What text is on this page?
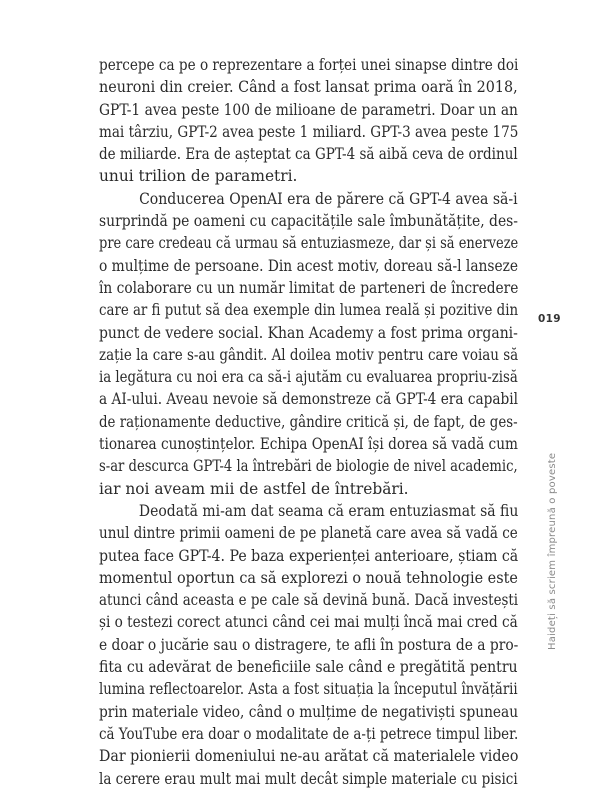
percepe ca pe o reprezentare a forței unei sinapse dintre doi
neuroni din creier. Când a fost lansat prima oară în 2018,
GPT-1 avea peste 100 de milioane de parametri. Doar un an
mai târziu, GPT-2 avea peste 1 miliard. GPT-3 avea peste 175
de miliarde. Era de așteptat ca GPT-4 să aibă ceva de ordinul
unui trilion de parametri.
Conducerea OpenAI era de părere că GPT-4 avea să-i
surprindă pe oameni cu capacitățile sale îmbunătățite, des-
pre care credeau că urmau să entuziasmeze, dar și să enerveze
o mulțime de persoane. Din acest motiv, doreau să-l lanseze
în colaborare cu un număr limitat de parteneri de încredere
care ar fi putut să dea exemple din lumea reală și pozitive din
punct de vedere social. Khan Academy a fost prima organi-
zație la care s-au gândit. Al doilea motiv pentru care voiau să
ia legătura cu noi era ca să-i ajutăm cu evaluarea propriu-zisă
a AI-ului. Aveau nevoie să demonstreze că GPT-4 era capabil
de raționamente deductive, gândire critică și, de fapt, de ges-
tionarea cunoștințelor. Echipa OpenAI își dorea să vadă cum
s-ar descurca GPT-4 la întrebări de biologie de nivel academic,
iar noi aveam mii de astfel de întrebări.
Deodată mi-am dat seama că eram entuziasmat să fiu
unul dintre primii oameni de pe planetă care avea să vadă ce
putea face GPT-4. Pe baza experienței anterioare, știam că
momentul oportun ca să explorezi o nouă tehnologie este
atunci când aceasta e pe cale să devină bună. Dacă investești
și o testezi corect atunci când cei mai mulți încă mai cred că
e doar o jucărie sau o distragere, te afli în postura de a pro-
fita cu adevărat de beneficiile sale când e pregătită pentru
lumina reflectoarelor. Asta a fost situația la începutul învățării
prin materiale video, când o mulțime de negativiști spuneau
că YouTube era doar o modalitate de a-ți petrece timpul liber.
Dar pionierii domeniului ne-au arătat că materialele video
la cerere erau mult mai mult decât simple materiale cu pisici
019
Haideți să scriem împreună o poveste
